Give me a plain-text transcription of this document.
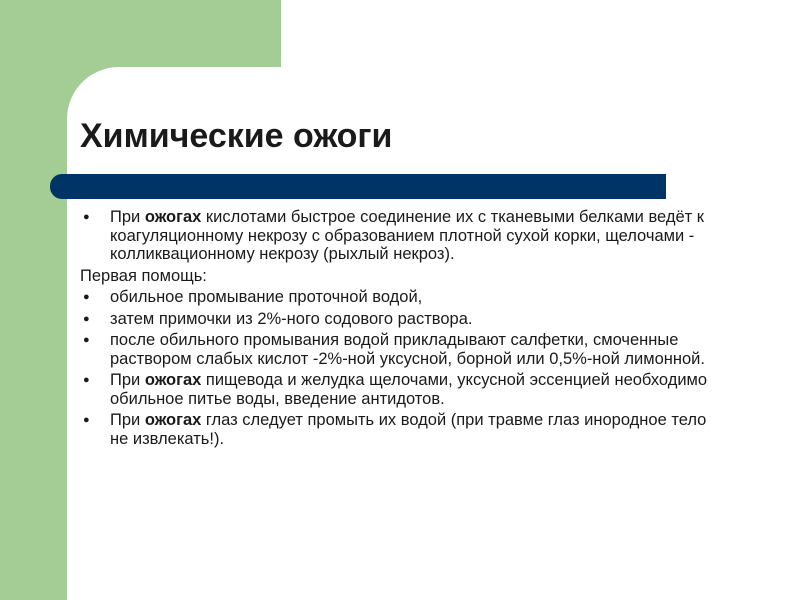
Химические ожоги
● При ожогах кислотами быстрое соединение их с тканевыми белками ведёт к коагуляционному некрозу с образованием плотной сухой корки, щелочами - колликвационному некрозу (рыхлый некроз).
Первая помощь:
● обильное промывание проточной водой,
● затем примочки из 2%-ного содового раствора.
● после обильного промывания водой прикладывают салфетки, смоченные раствором слабых кислот -2%-ной уксусной, борной или 0,5%-ной лимонной.
● При ожогах пищевода и желудка щелочами, уксусной эссенцией необходимо обильное питье воды, введение антидотов.
● При ожогах глаз следует промыть их водой (при травме глаз инородное тело не извлекать!).
